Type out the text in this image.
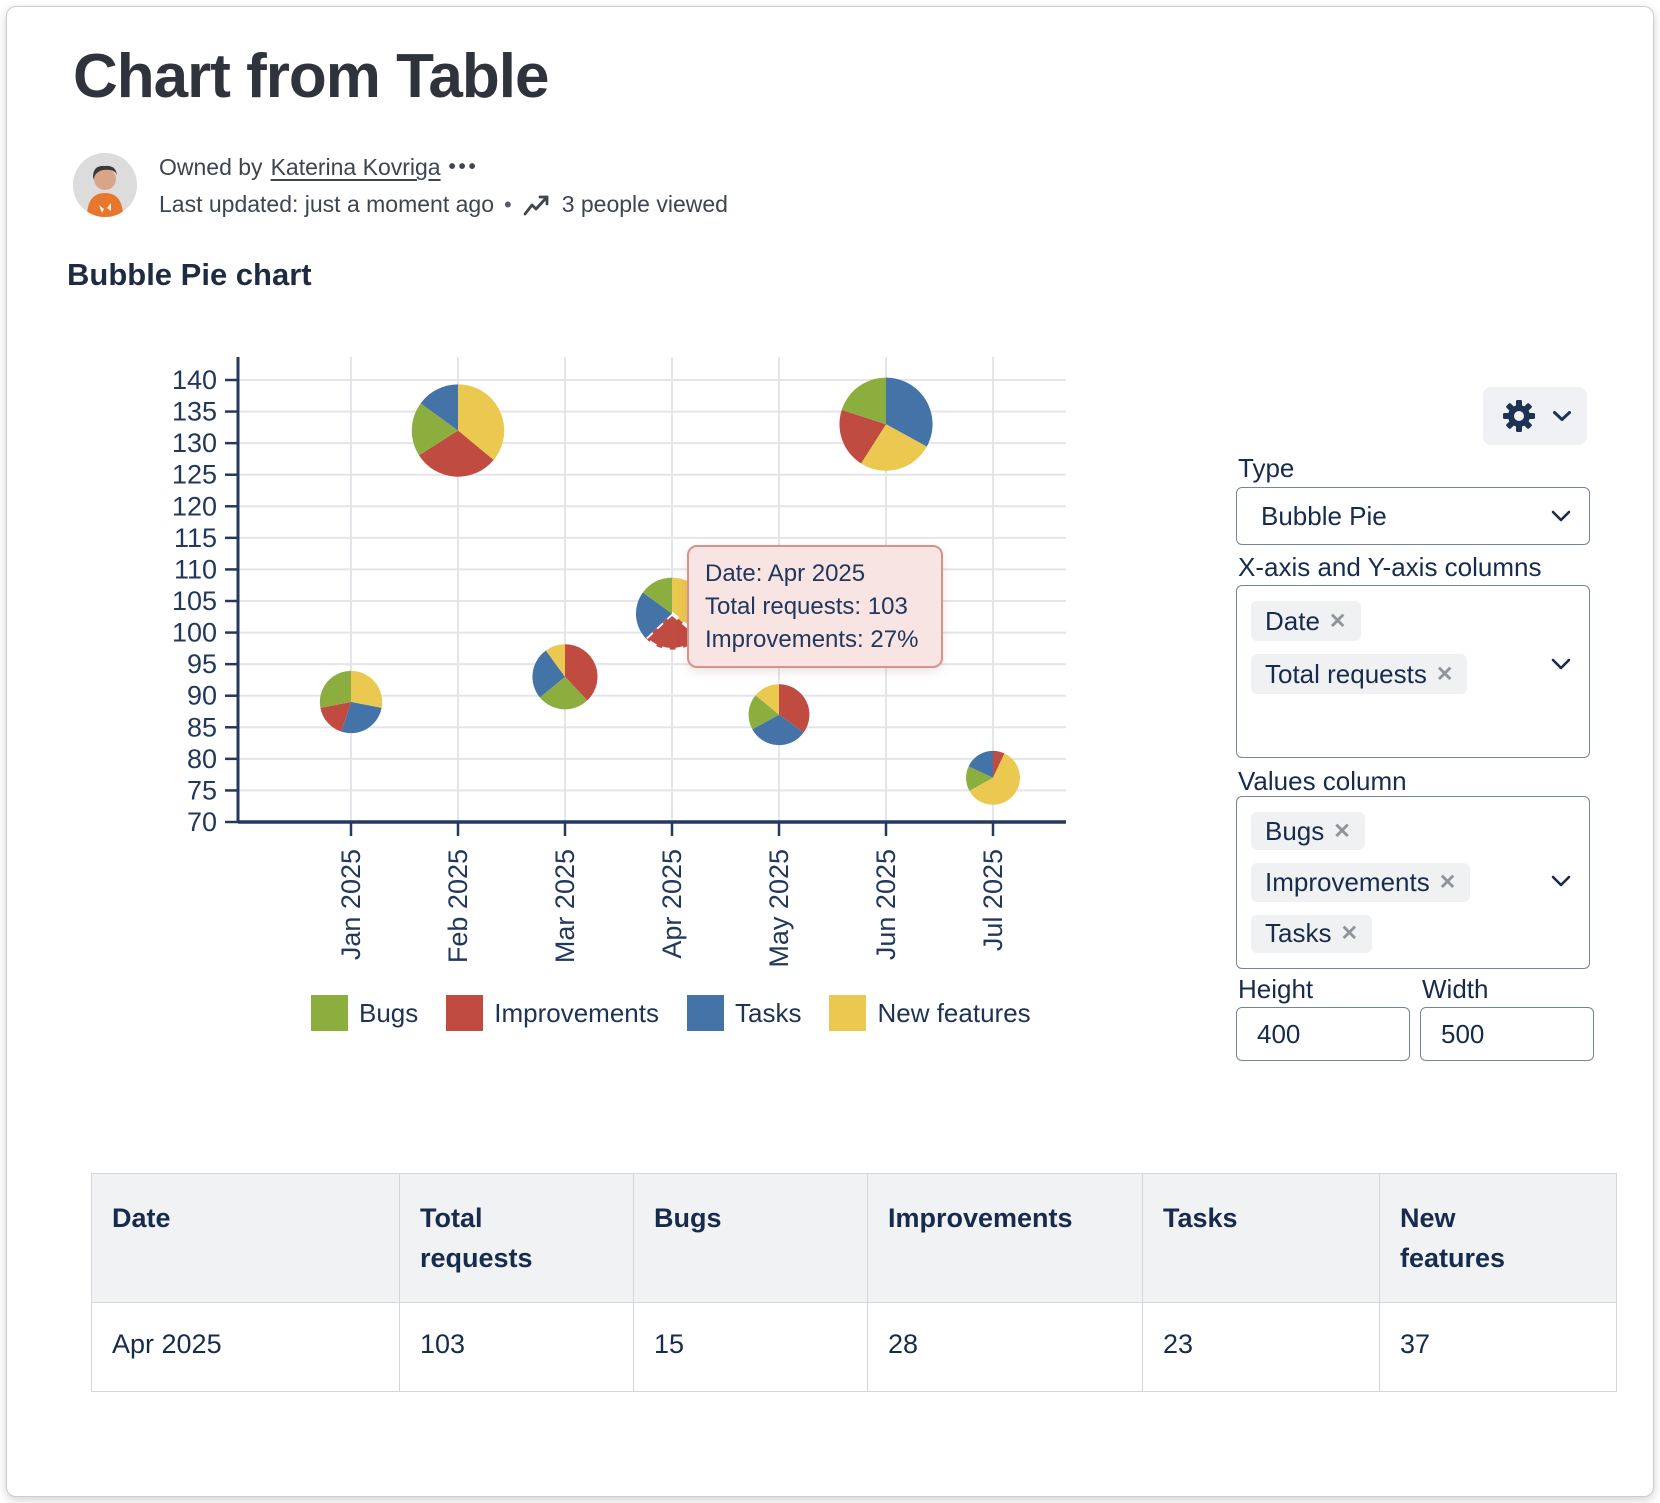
Chart from Table
Owned by Katerina Kovriga •••
Last updated: just a moment ago • 3 people viewed
Bubble Pie chart
70
75
80
85
90
95
100
105
110
115
120
125
130
135
140
Jan 2025	Feb 2025	Mar 2025	Apr 2025	May 2025	Jun 2025	Jul 2025
Date: Apr 2025
Total requests: 103
Improvements: 27%
Bugs	Improvements	Tasks	New features
Type
Bubble Pie
X-axis and Y-axis columns
Date ✕
Total requests ✕
Values column
Bugs ✕
Improvements ✕
Tasks ✕
Height	Width
400	500
Date	Total requests	Bugs	Improvements	Tasks	New features
Apr 2025	103	15	28	23	37
